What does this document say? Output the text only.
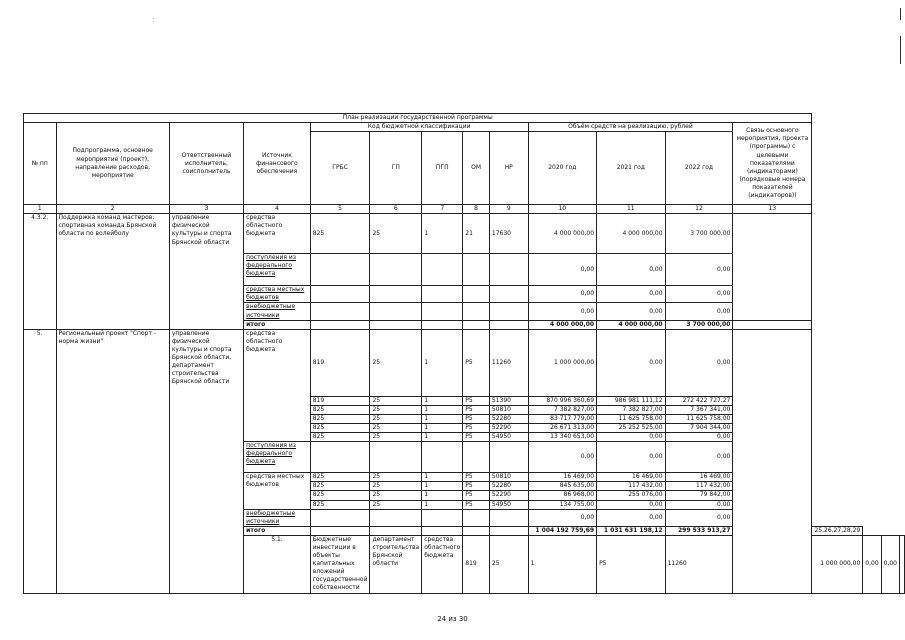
План реализации государственной программы																
№ пп	Подпрограмма, основное мероприятие (проект), направление расходов, мероприятие	Ответственный исполнитель, соисполнитель	Источник финансового обеспечения	Код бюджетной классификации					Объём средств на реализацию, рублей			Связь основного мероприятия, проекта (программы) с целевыми показателями (индикаторами) (порядковые номера показателей (индикаторов))				
				ГРБС	ГП	ПГП	ОМ	НР	2020 год	2021 год	2022 год					
1	2	3	4	5	6	7	8	9	10	11	12	13				
4.3.2.	Поддержка команд мастеров: спортивная команда Брянской области по волейболу	управление физической культуры и спорта Брянской области	средства областного бюджета	825	25	1	21	17630	4 000 000,00	4 000 000,00	3 700 000,00					
			поступления из федерального бюджета						0,00	0,00	0,00					
			средства местных бюджетов						0,00	0,00	0,00					
			внебюджетные источники						0,00	0,00	0,00					
			итого						4 000 000,00	4 000 000,00	3 700 000,00					
5.	Региональный проект "Спорт - норма жизни"	управление физической культуры и спорта Брянской области, департамент строительства Брянской области	средства областного бюджета	819	25	1	P5	11260	1 000 000,00	0,00	0,00					
				819	25	1	P5	51390	870 996 360,69	986 981 111,12	272 422 727,27					
				825	25	1	P5	50810	7 382 827,00	7 382 827,00	7 367 341,00					
				825	25	1	P5	52280	83 717 779,00	11 625 758,00	11 625 758,00					
				825	25	1	P5	52290	26 671 313,00	25 252 525,00	7 904 344,00					
				825	25	1	P5	54950	13 340 653,00	0,00	0,00					
			поступления из федерального бюджета						0,00	0,00	0,00					
			средства местных бюджетов	825	25	1	P5	50810	16 469,00	16 469,00	16 469,00					
				825	25	1	P5	52280	845 635,00	117 432,00	117 432,00					
				825	25	1	P5	52290	86 968,00	255 076,00	79 842,00					
				825	25	1	P5	54950	134 755,00	0,00	0,00					
			внебюджетные источники						0,00	0,00	0,00					
			итого						1 004 192 759,69	1 031 631 198,12	299 533 913,27		25,26,27,28,29			
			5.1.	Бюджетные инвестиции в объекты капитальных вложений государственной собственности	департамент строительства Брянской области	средства областного бюджета	819	25	1	P5	11260		1 000 000,00	0,00	0,00	
24 из 30
